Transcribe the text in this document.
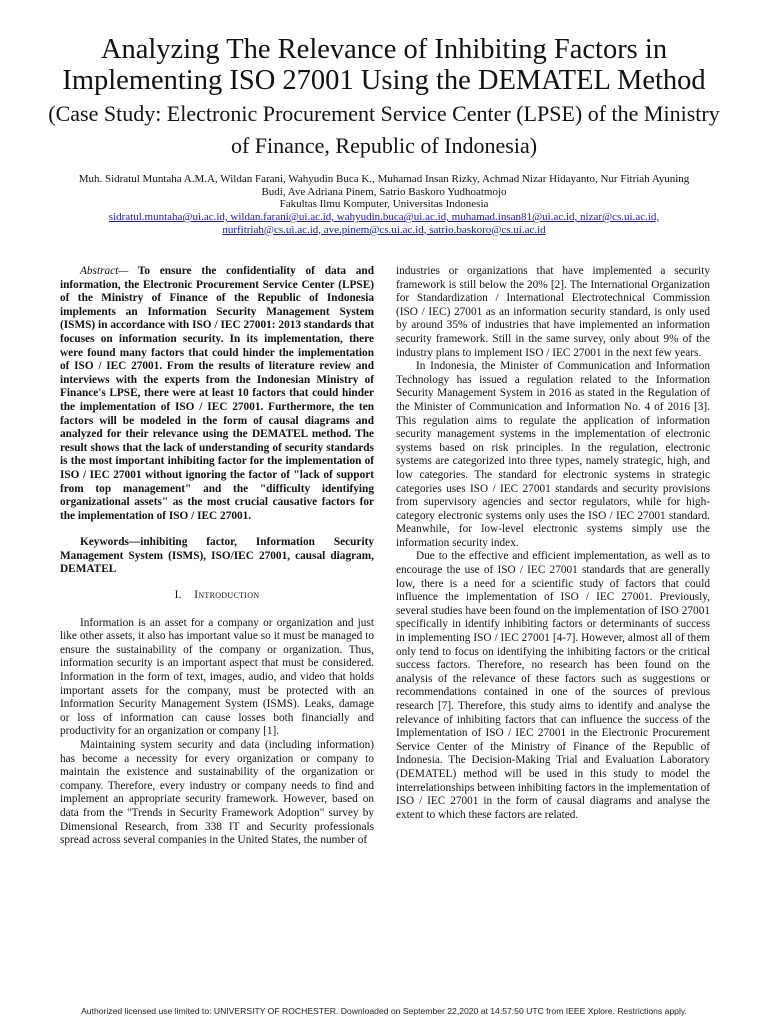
Analyzing The Relevance of Inhibiting Factors in Implementing ISO 27001 Using the DEMATEL Method (Case Study: Electronic Procurement Service Center (LPSE) of the Ministry of Finance, Republic of Indonesia)
Muh. Sidratul Muntaha A.M.A, Wildan Farani, Wahyudin Buca K., Muhamad Insan Rizky, Achmad Nizar Hidayanto, Nur Fitriah Ayuning Budi, Ave Adriana Pinem, Satrio Baskoro Yudhoatmojo
Fakultas Ilmu Komputer, Universitas Indonesia
sidratul.muntaha@ui.ac.id, wildan.farani@ui.ac.id, wahyudin.buca@ui.ac.id, muhamad.insan81@ui.ac.id, nizar@cs.ui.ac.id,
nurfitriah@cs.ui.ac.id, ave.pinem@cs.ui.ac.id, satrio.baskoro@cs.ui.ac.id

Abstract— To ensure the confidentiality of data and information, the Electronic Procurement Service Center (LPSE) of the Ministry of Finance of the Republic of Indonesia implements an Information Security Management System (ISMS) in accordance with ISO / IEC 27001: 2013 standards that focuses on information security. In its implementation, there were found many factors that could hinder the implementation of ISO / IEC 27001. From the results of literature review and interviews with the experts from the Indonesian Ministry of Finance's LPSE, there were at least 10 factors that could hinder the implementation of ISO / IEC 27001. Furthermore, the ten factors will be modeled in the form of causal diagrams and analyzed for their relevance using the DEMATEL method. The result shows that the lack of understanding of security standards is the most important inhibiting factor for the implementation of ISO / IEC 27001 without ignoring the factor of "lack of support from top management" and the "difficulty identifying organizational assets" as the most crucial causative factors for the implementation of ISO / IEC 27001.

Keywords—inhibiting factor, Information Security Management System (ISMS), ISO/IEC 27001, causal diagram, DEMATEL

I. Introduction

Information is an asset for a company or organization and just like other assets, it also has important value so it must be managed to ensure the sustainability of the company or organization. Thus, information security is an important aspect that must be considered. Information in the form of text, images, audio, and video that holds important assets for the company, must be protected with an Information Security Management System (ISMS). Leaks, damage or loss of information can cause losses both financially and productivity for an organization or company [1].

Maintaining system security and data (including information) has become a necessity for every organization or company to maintain the existence and sustainability of the organization or company. Therefore, every industry or company needs to find and implement an appropriate security framework. However, based on data from the "Trends in Security Framework Adoption" survey by Dimensional Research, from 338 IT and Security professionals spread across several companies in the United States, the number of

industries or organizations that have implemented a security framework is still below the 20% [2]. The International Organization for Standardization / International Electrotechnical Commission (ISO / IEC) 27001 as an information security standard, is only used by around 35% of industries that have implemented an information security framework. Still in the same survey, only about 9% of the industry plans to implement ISO / IEC 27001 in the next few years.

In Indonesia, the Minister of Communication and Information Technology has issued a regulation related to the Information Security Management System in 2016 as stated in the Regulation of the Minister of Communication and Information No. 4 of 2016 [3]. This regulation aims to regulate the application of information security management systems in the implementation of electronic systems based on risk principles. In the regulation, electronic systems are categorized into three types, namely strategic, high, and low categories. The standard for electronic systems in strategic categories uses ISO / IEC 27001 standards and security provisions from supervisory agencies and sector regulators, while for high-category electronic systems only uses the ISO / IEC 27001 standard. Meanwhile, for low-level electronic systems simply use the information security index.

Due to the effective and efficient implementation, as well as to encourage the use of ISO / IEC 27001 standards that are generally low, there is a need for a scientific study of factors that could influence the implementation of ISO / IEC 27001. Previously, several studies have been found on the implementation of ISO 27001 specifically in identify inhibiting factors or determinants of success in implementing ISO / IEC 27001 [4-7]. However, almost all of them only tend to focus on identifying the inhibiting factors or the critical success factors. Therefore, no research has been found on the analysis of the relevance of these factors such as suggestions or recommendations contained in one of the sources of previous research [7]. Therefore, this study aims to identify and analyse the relevance of inhibiting factors that can influence the success of the Implementation of ISO / IEC 27001 in the Electronic Procurement Service Center of the Ministry of Finance of the Republic of Indonesia. The Decision-Making Trial and Evaluation Laboratory (DEMATEL) method will be used in this study to model the interrelationships between inhibiting factors in the implementation of ISO / IEC 27001 in the form of causal diagrams and analyse the extent to which these factors are related.

Authorized licensed use limited to: UNIVERSITY OF ROCHESTER. Downloaded on September 22,2020 at 14:57:50 UTC from IEEE Xplore. Restrictions apply.
